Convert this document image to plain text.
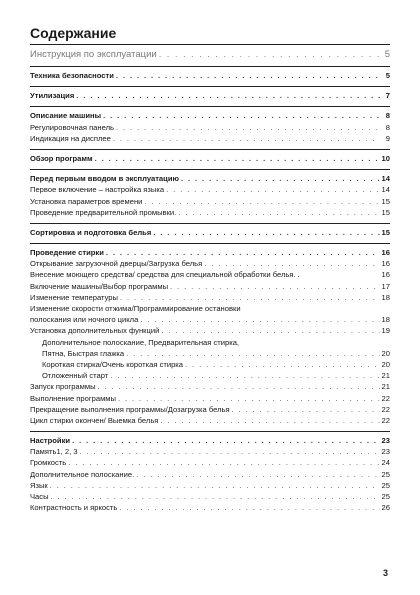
Содержание
Инструкция по эксплуатации . . .	5
Техника безопасности . . .	5
Утилизация . . .	7
Описание машины . . .	8
Регулировочная панель . . .	8
Индикация на дисплее . . .	9
Обзор программ . . .	10
Перед первым вводом в эксплуатацию . . .	14
Первое включение – настройка языка . . .	14
Установка параметров времени . . .	15
Проведение предварительной промывки. . . .	15
Сортировка и подготовка белья . . .	15
Проведение стирки . . .	16
Открывание загрузочной дверцы/Загрузка белья . . .	16
Внесение моющего средства/ средства для специальной обработки белья. .	16
Включение машины/Выбор программы . . .	17
Изменение температуры . . .	18
Изменение скорости отжима/Программирование остановки
полоскания или ночного цикла . . .	18
Установка дополнительных функций . . .	19
Дополнительное полоскание, Предварительная стирка,
Пятна, Быстрая глажка . . .	20
Короткая стирка/Очень короткая стирка . . .	20
Отложенный старт . . .	21
Запуск программы . . .	21
Выполнение программы . . .	22
Прекращение выполнения программы/Дозагрузка белья . . .	22
Цикл стирки окончен/ Выемка белья . . .	22
Настройки . . .	23
Память1, 2, 3 . . .	23
Громкость . . .	24
Дополнительное полоскание. . . .	25
Язык . . .	25
Часы . . .	25
Контрастность и яркость . . .	26
3
